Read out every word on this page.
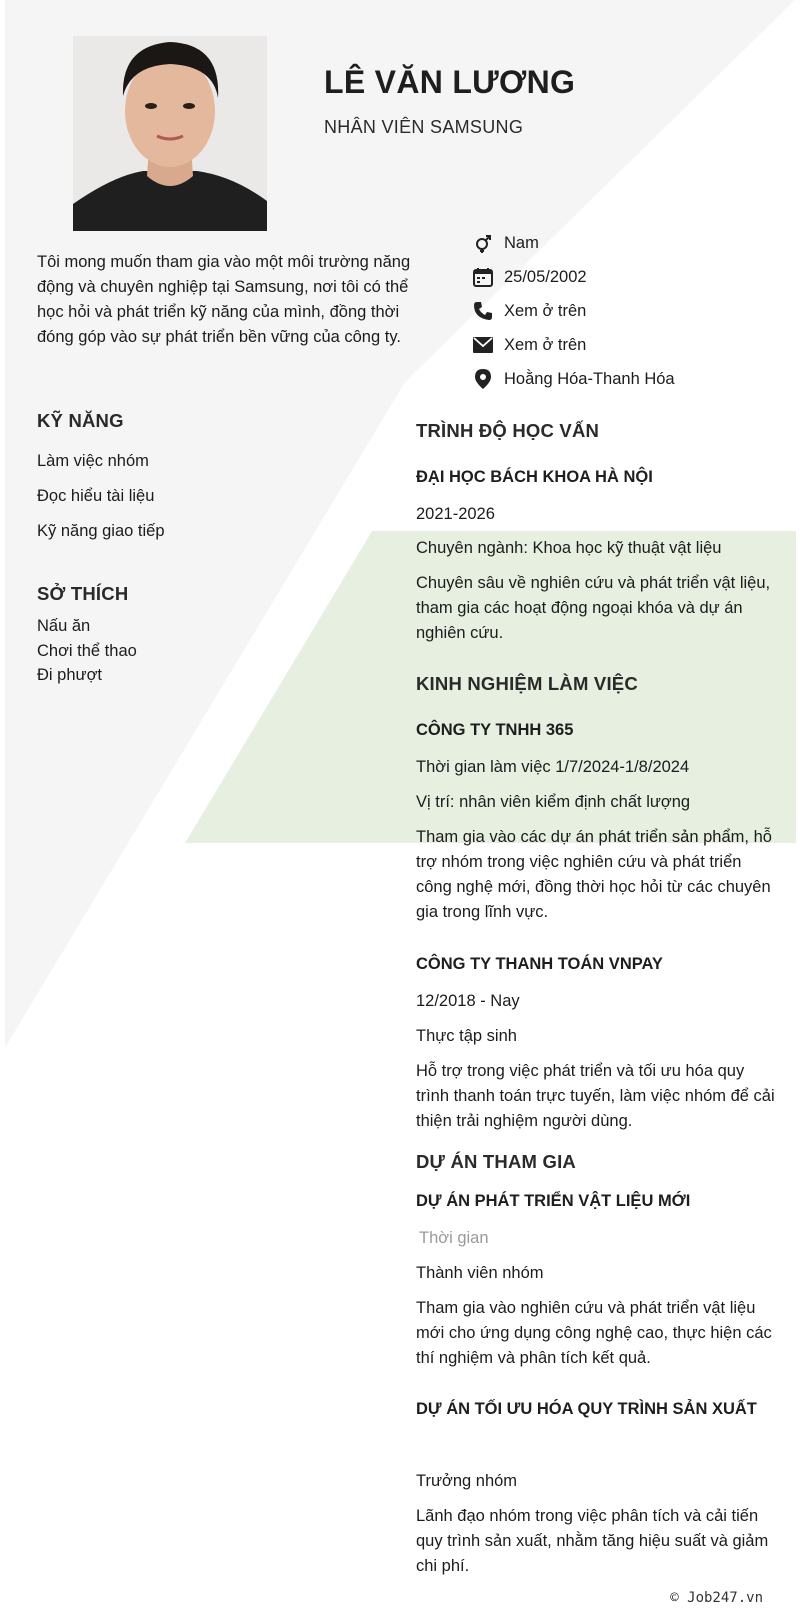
LÊ VĂN LƯƠNG
NHÂN VIÊN SAMSUNG
Tôi mong muốn tham gia vào một môi trường năng động và chuyên nghiệp tại Samsung, nơi tôi có thể học hỏi và phát triển kỹ năng của mình, đồng thời đóng góp vào sự phát triển bền vững của công ty.
Nam
25/05/2002
Xem ở trên
Xem ở trên
Hoằng Hóa-Thanh Hóa
KỸ NĂNG
Làm việc nhóm
Đọc hiểu tài liệu
Kỹ năng giao tiếp
SỞ THÍCH
Nấu ăn
Chơi thể thao
Đi phượt
TRÌNH ĐỘ HỌC VẤN
ĐẠI HỌC BÁCH KHOA HÀ NỘI
2021-2026
Chuyên ngành: Khoa học kỹ thuật vật liệu
Chuyên sâu về nghiên cứu và phát triển vật liệu, tham gia các hoạt động ngoại khóa và dự án nghiên cứu.
KINH NGHIỆM LÀM VIỆC
CÔNG TY TNHH 365
Thời gian làm việc 1/7/2024-1/8/2024
Vị trí: nhân viên kiểm định chất lượng
Tham gia vào các dự án phát triển sản phẩm, hỗ trợ nhóm trong việc nghiên cứu và phát triển công nghệ mới, đồng thời học hỏi từ các chuyên gia trong lĩnh vực.
CÔNG TY THANH TOÁN VNPAY
12/2018 - Nay
Thực tập sinh
Hỗ trợ trong việc phát triển và tối ưu hóa quy trình thanh toán trực tuyến, làm việc nhóm để cải thiện trải nghiệm người dùng.
DỰ ÁN THAM GIA
DỰ ÁN PHÁT TRIỂN VẬT LIỆU MỚI
Thời gian
Thành viên nhóm
Tham gia vào nghiên cứu và phát triển vật liệu mới cho ứng dụng công nghệ cao, thực hiện các thí nghiệm và phân tích kết quả.
DỰ ÁN TỐI ƯU HÓA QUY TRÌNH SẢN XUẤT
Trưởng nhóm
Lãnh đạo nhóm trong việc phân tích và cải tiến quy trình sản xuất, nhằm tăng hiệu suất và giảm chi phí.
© Job247.vn
